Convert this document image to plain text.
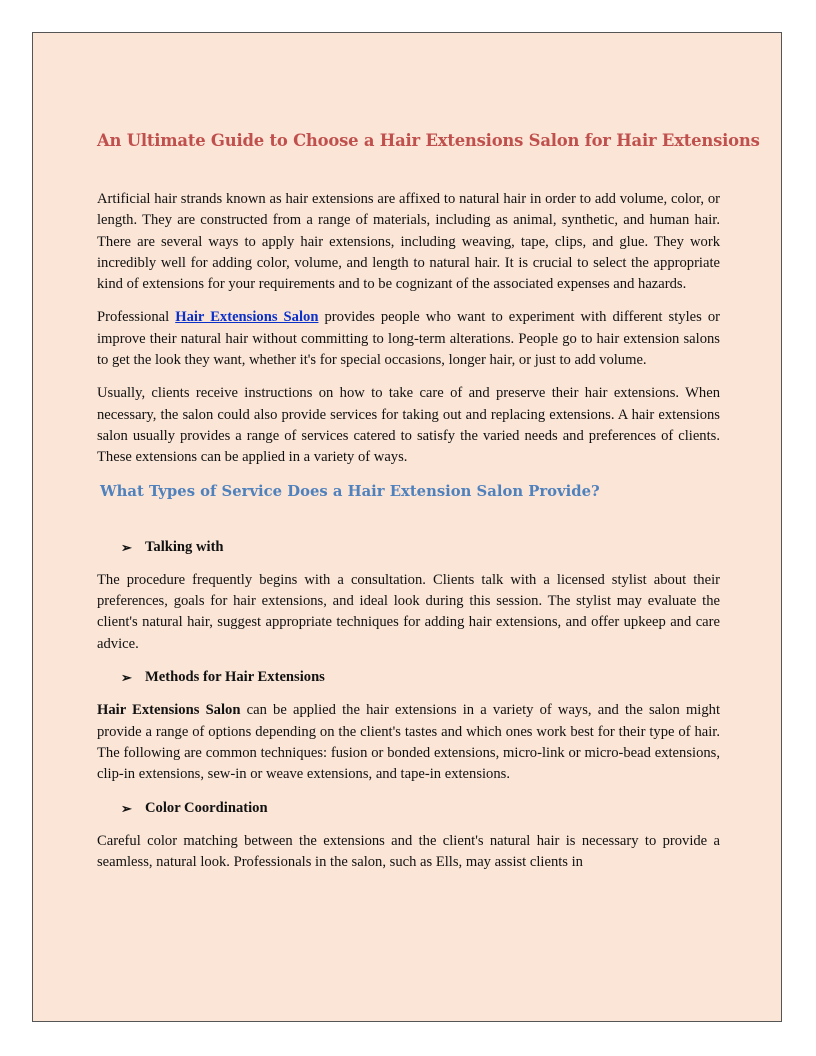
An Ultimate Guide to Choose a Hair Extensions Salon for Hair Extensions

Artificial hair strands known as hair extensions are affixed to natural hair in order to add volume, color, or length. They are constructed from a range of materials, including as animal, synthetic, and human hair. There are several ways to apply hair extensions, including weaving, tape, clips, and glue. They work incredibly well for adding color, volume, and length to natural hair. It is crucial to select the appropriate kind of extensions for your requirements and to be cognizant of the associated expenses and hazards.

Professional Hair Extensions Salon provides people who want to experiment with different styles or improve their natural hair without committing to long-term alterations. People go to hair extension salons to get the look they want, whether it's for special occasions, longer hair, or just to add volume.

Usually, clients receive instructions on how to take care of and preserve their hair extensions. When necessary, the salon could also provide services for taking out and replacing extensions. A hair extensions salon usually provides a range of services catered to satisfy the varied needs and preferences of clients. These extensions can be applied in a variety of ways.

What Types of Service Does a Hair Extension Salon Provide?
➢ Talking with

The procedure frequently begins with a consultation. Clients talk with a licensed stylist about their preferences, goals for hair extensions, and ideal look during this session. The stylist may evaluate the client's natural hair, suggest appropriate techniques for adding hair extensions, and offer upkeep and care advice.

➢ Methods for Hair Extensions

Hair Extensions Salon can be applied the hair extensions in a variety of ways, and the salon might provide a range of options depending on the client's tastes and which ones work best for their type of hair. The following are common techniques: fusion or bonded extensions, micro-link or micro-bead extensions, clip-in extensions, sew-in or weave extensions, and tape-in extensions.

➢ Color Coordination

Careful color matching between the extensions and the client's natural hair is necessary to provide a seamless, natural look. Professionals in the salon, such as Ells, may assist clients in
